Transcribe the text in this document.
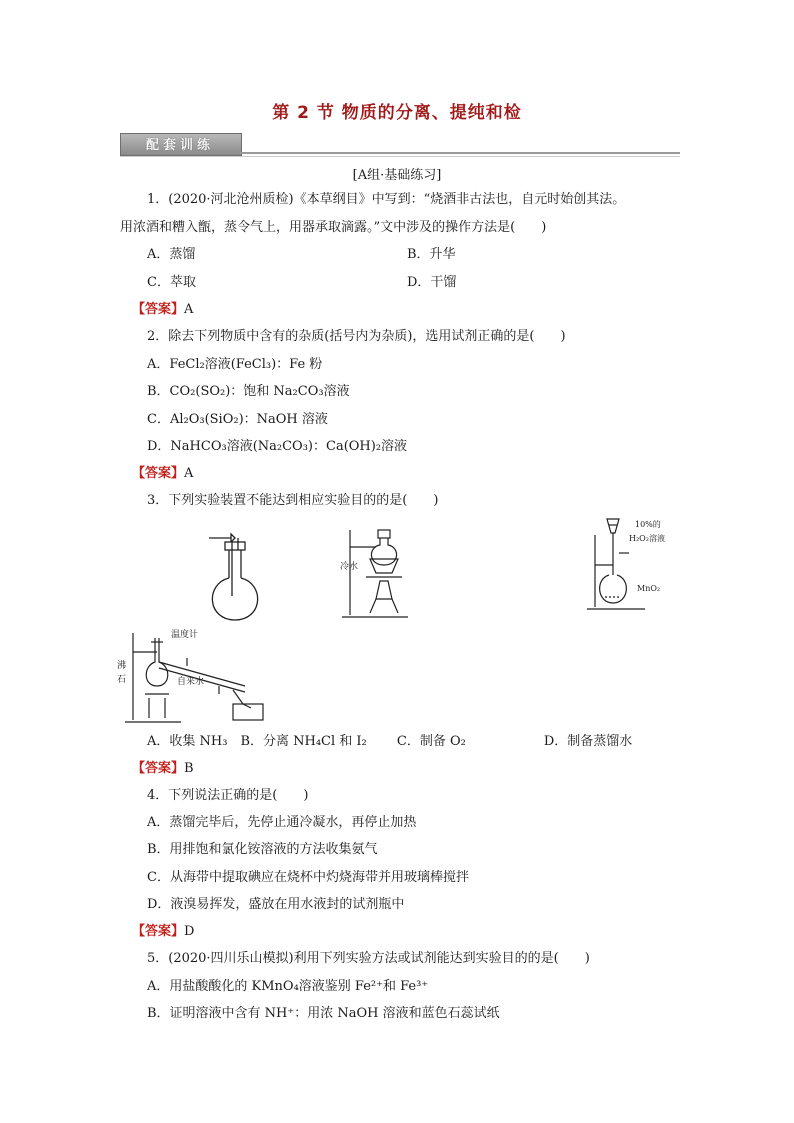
第 2 节 物质的分离、提纯和检
配套训练
[A组·基础练习]
1．(2020·河北沧州质检)《本草纲目》中写到：“烧酒非古法也，自元时始创其法。
用浓酒和糟入甑，蒸令气上，用器承取滴露。”文中涉及的操作方法是(　　)
A．蒸馏	B．升华
C．萃取	D．干馏
【答案】A
2．除去下列物质中含有的杂质(括号内为杂质)，选用试剂正确的是(　　)
A．FeCl₂溶液(FeCl₃)：Fe 粉
B．CO₂(SO₂)：饱和 Na₂CO₃溶液
C．Al₂O₃(SiO₂)：NaOH 溶液
D．NaHCO₃溶液(Na₂CO₃)：Ca(OH)₂溶液
【答案】A
3．下列实验装置不能达到相应实验目的的是(　　)
冷水
10%的
H₂O₂溶液
MnO₂
温度计
沸
石	自来水
A．收集 NH₃　B．分离 NH₄Cl 和 I₂　　 C．制备 O₂　　　　　　D．制备蒸馏水
【答案】B
4．下列说法正确的是(　　)
A．蒸馏完毕后，先停止通冷凝水，再停止加热
B．用排饱和氯化铵溶液的方法收集氨气
C．从海带中提取碘应在烧杯中灼烧海带并用玻璃棒搅拌
D．液溴易挥发，盛放在用水液封的试剂瓶中
【答案】D
5．(2020·四川乐山模拟)利用下列实验方法或试剂能达到实验目的的是(　　)
A．用盐酸酸化的 KMnO₄溶液鉴别 Fe²⁺和 Fe³⁺
B．证明溶液中含有 NH⁺：用浓 NaOH 溶液和蓝色石蕊试纸
